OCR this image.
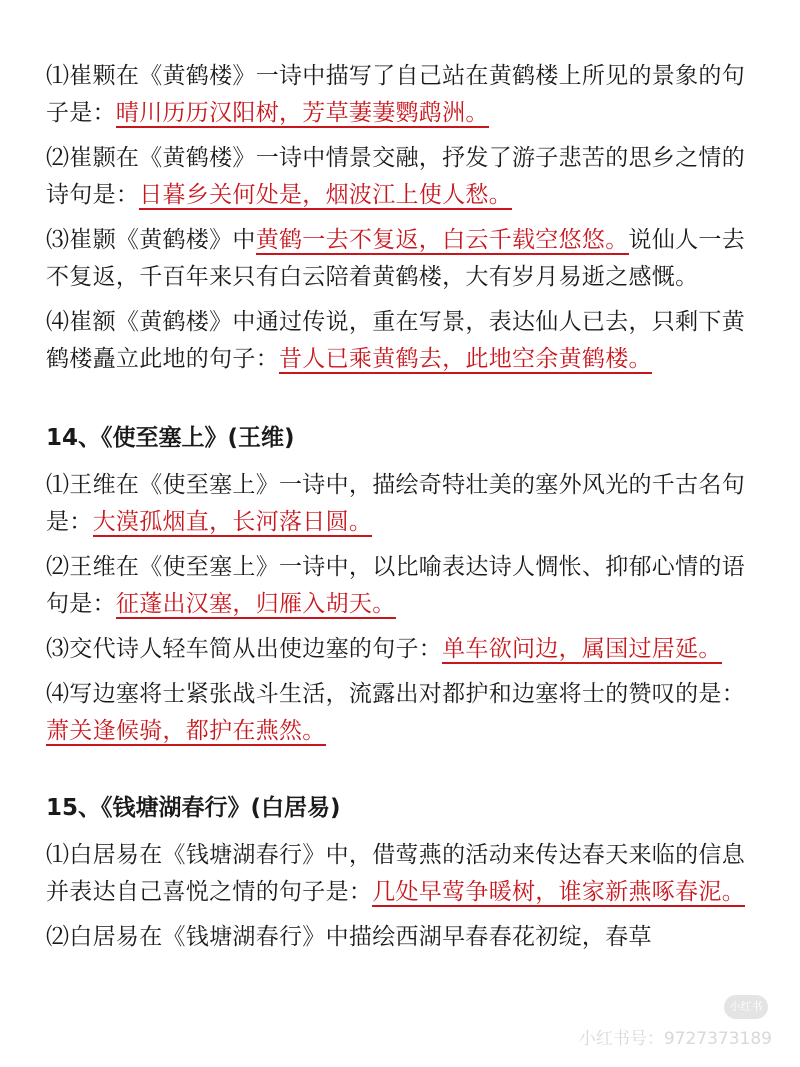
⑴崔颗在《黄鹤楼》一诗中描写了自己站在黄鹤楼上所见的景象的句子是：晴川历历汉阳树，芳草萋萋鹦鹉洲。
⑵崔颢在《黄鹤楼》一诗中情景交融，抒发了游子悲苦的思乡之情的诗句是：日暮乡关何处是，烟波江上使人愁。
⑶崔颢《黄鹤楼》中黄鹤一去不复返，白云千载空悠悠。说仙人一去不复返，千百年来只有白云陪着黄鹤楼，大有岁月易逝之感慨。
⑷崔额《黄鹤楼》中通过传说，重在写景，表达仙人已去，只剩下黄鹤楼矗立此地的句子：昔人已乘黄鹤去，此地空余黄鹤楼。
14、《使至塞上》(王维)
⑴王维在《使至塞上》一诗中，描绘奇特壮美的塞外风光的千古名句是：大漠孤烟直，长河落日圆。
⑵王维在《使至塞上》一诗中，以比喻表达诗人惆怅、抑郁心情的语句是：征蓬出汉塞，归雁入胡天。
⑶交代诗人轻车简从出使边塞的句子：单车欲问边，属国过居延。
⑷写边塞将士紧张战斗生活，流露出对都护和边塞将士的赞叹的是：萧关逢候骑，都护在燕然。
15、《钱塘湖春行》(白居易)
⑴白居易在《钱塘湖春行》中，借莺燕的活动来传达春天来临的信息并表达自己喜悦之情的句子是：几处早莺争暖树，谁家新燕啄春泥。
⑵白居易在《钱塘湖春行》中描绘西湖早春春花初绽，春草
小红书
小红书号：9727373189
